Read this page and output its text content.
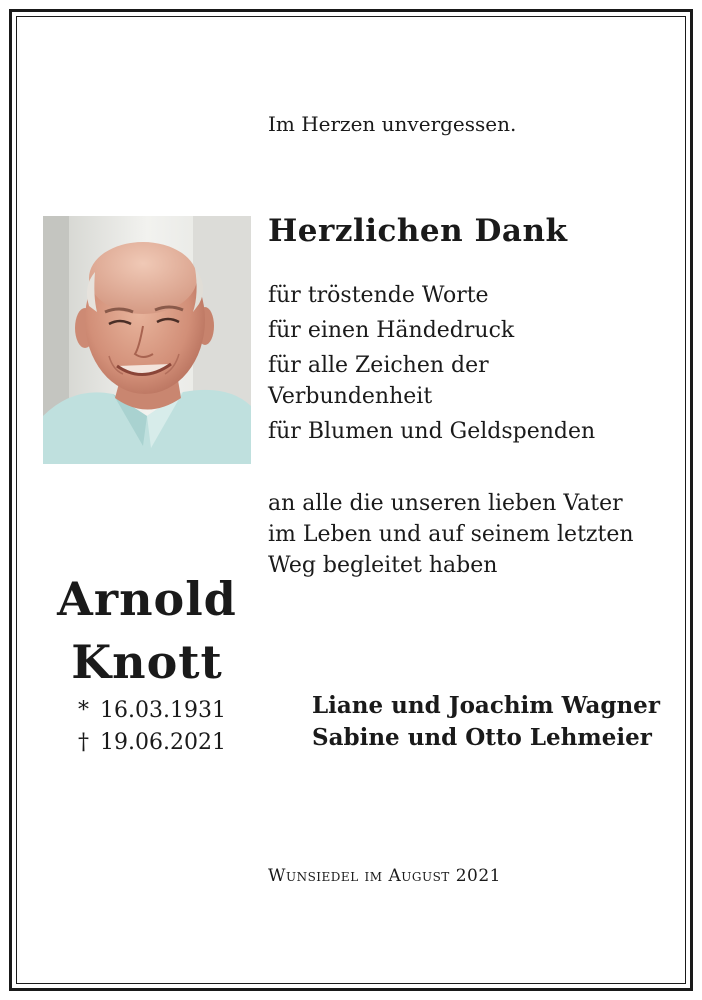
Im Herzen unvergessen.
Herzlichen Dank
für tröstende Worte
für einen Händedruck
für alle Zeichen der
Verbundenheit
für Blumen und Geldspenden
an alle die unseren lieben Vater
im Leben und auf seinem letzten
Weg begleitet haben
Arnold
Knott
* 16.03.1931
† 19.06.2021
Liane und Joachim Wagner
Sabine und Otto Lehmeier
Wunsiedel im August 2021
